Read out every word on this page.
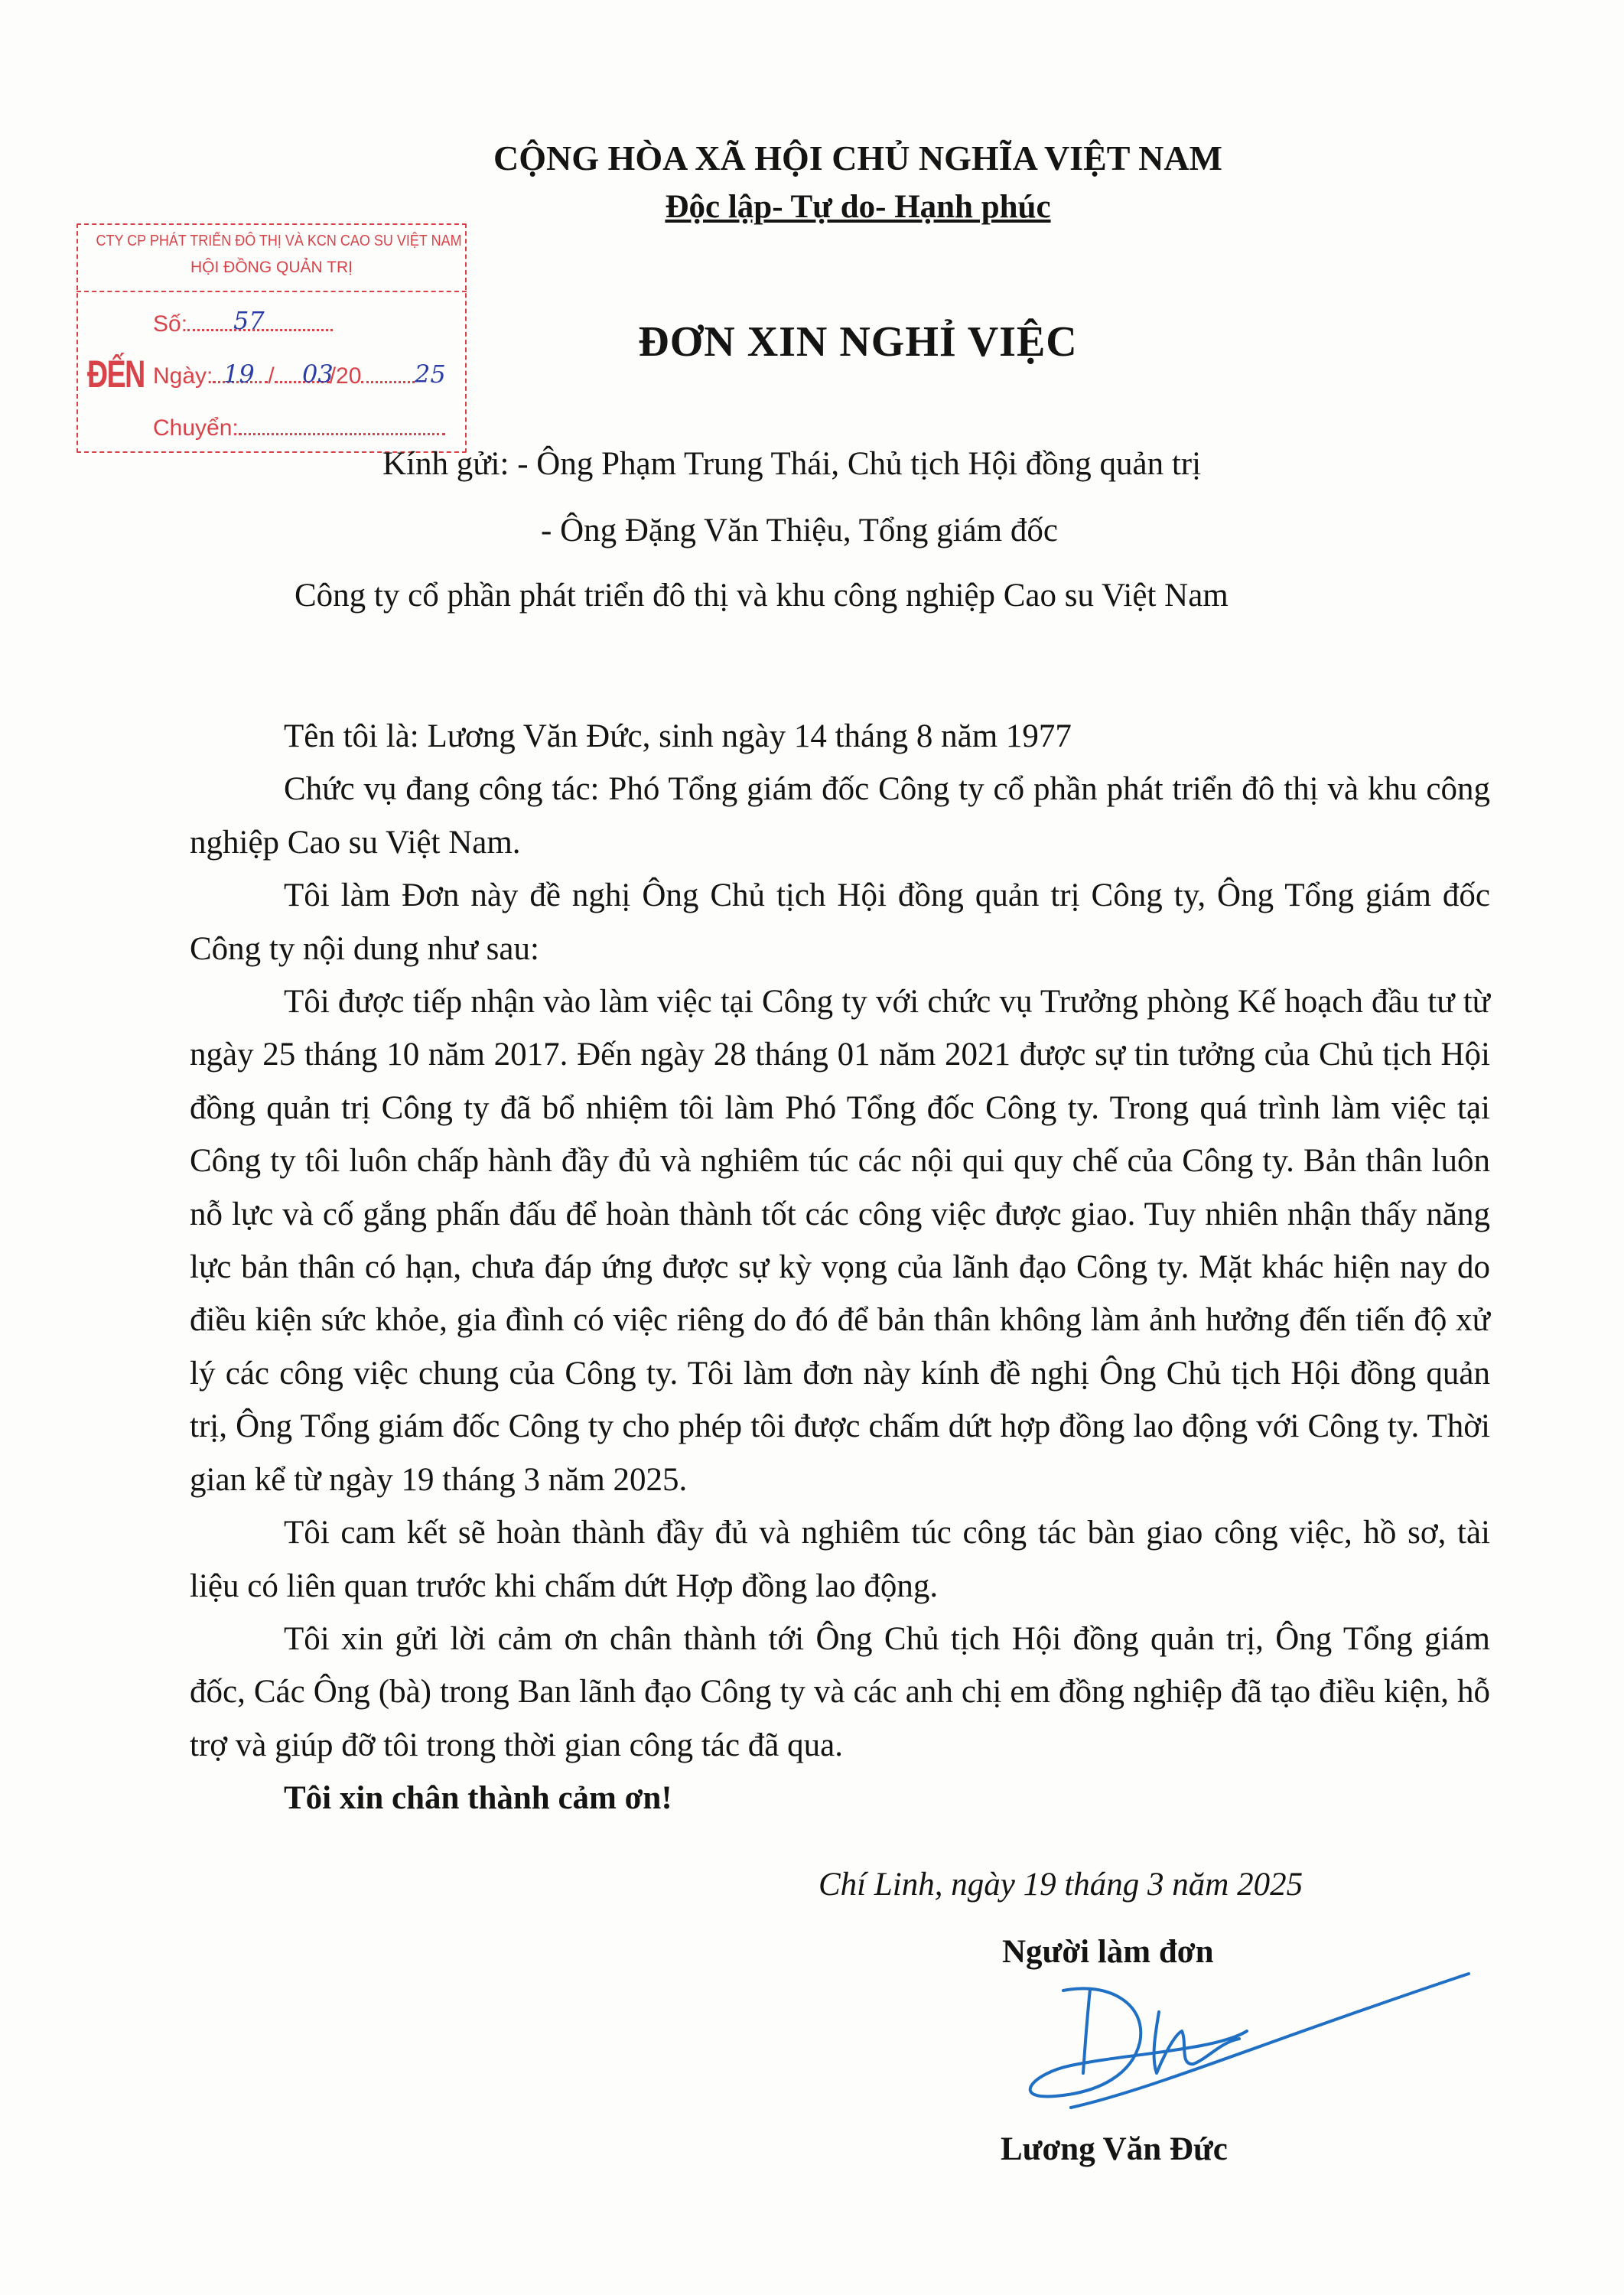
CỘNG HÒA XÃ HỘI CHỦ NGHĨA VIỆT NAM
Độc lập- Tự do- Hạnh phúc
CTY CP PHÁT TRIỂN ĐÔ THỊ VÀ KCN CAO SU VIỆT NAM
HỘI ĐỒNG QUẢN TRỊ
ĐẾN
Số:
Ngày: / /20
Chuyển:
57
19 03	25
ĐƠN XIN NGHỈ VIỆC
Kính gửi: - Ông Phạm Trung Thái, Chủ tịch Hội đồng quản trị
- Ông Đặng Văn Thiệu, Tổng giám đốc
Công ty cổ phần phát triển đô thị và khu công nghiệp Cao su Việt Nam

Tên tôi là: Lương Văn Đức, sinh ngày 14 tháng 8 năm 1977

Chức vụ đang công tác: Phó Tổng giám đốc Công ty cổ phần phát triển đô thị và khu công nghiệp Cao su Việt Nam.

Tôi làm Đơn này đề nghị Ông Chủ tịch Hội đồng quản trị Công ty, Ông Tổng giám đốc Công ty nội dung như sau:

Tôi được tiếp nhận vào làm việc tại Công ty với chức vụ Trưởng phòng Kế hoạch đầu tư từ ngày 25 tháng 10 năm 2017. Đến ngày 28 tháng 01 năm 2021 được sự tin tưởng của Chủ tịch Hội đồng quản trị Công ty đã bổ nhiệm tôi làm Phó Tổng đốc Công ty. Trong quá trình làm việc tại Công ty tôi luôn chấp hành đầy đủ và nghiêm túc các nội qui quy chế của Công ty. Bản thân luôn nỗ lực và cố gắng phấn đấu để hoàn thành tốt các công việc được giao. Tuy nhiên nhận thấy năng lực bản thân có hạn, chưa đáp ứng được sự kỳ vọng của lãnh đạo Công ty. Mặt khác hiện nay do điều kiện sức khỏe, gia đình có việc riêng do đó để bản thân không làm ảnh hưởng đến tiến độ xử lý các công việc chung của Công ty. Tôi làm đơn này kính đề nghị Ông Chủ tịch Hội đồng quản trị, Ông Tổng giám đốc Công ty cho phép tôi được chấm dứt hợp đồng lao động với Công ty. Thời gian kể từ ngày 19 tháng 3 năm 2025.

Tôi cam kết sẽ hoàn thành đầy đủ và nghiêm túc công tác bàn giao công việc, hồ sơ, tài liệu có liên quan trước khi chấm dứt Hợp đồng lao động.

Tôi xin gửi lời cảm ơn chân thành tới Ông Chủ tịch Hội đồng quản trị, Ông Tổng giám đốc, Các Ông (bà) trong Ban lãnh đạo Công ty và các anh chị em đồng nghiệp đã tạo điều kiện, hỗ trợ và giúp đỡ tôi trong thời gian công tác đã qua.

Tôi xin chân thành cảm ơn!

Chí Linh, ngày 19 tháng 3 năm 2025
Người làm đơn
Lương Văn Đức
